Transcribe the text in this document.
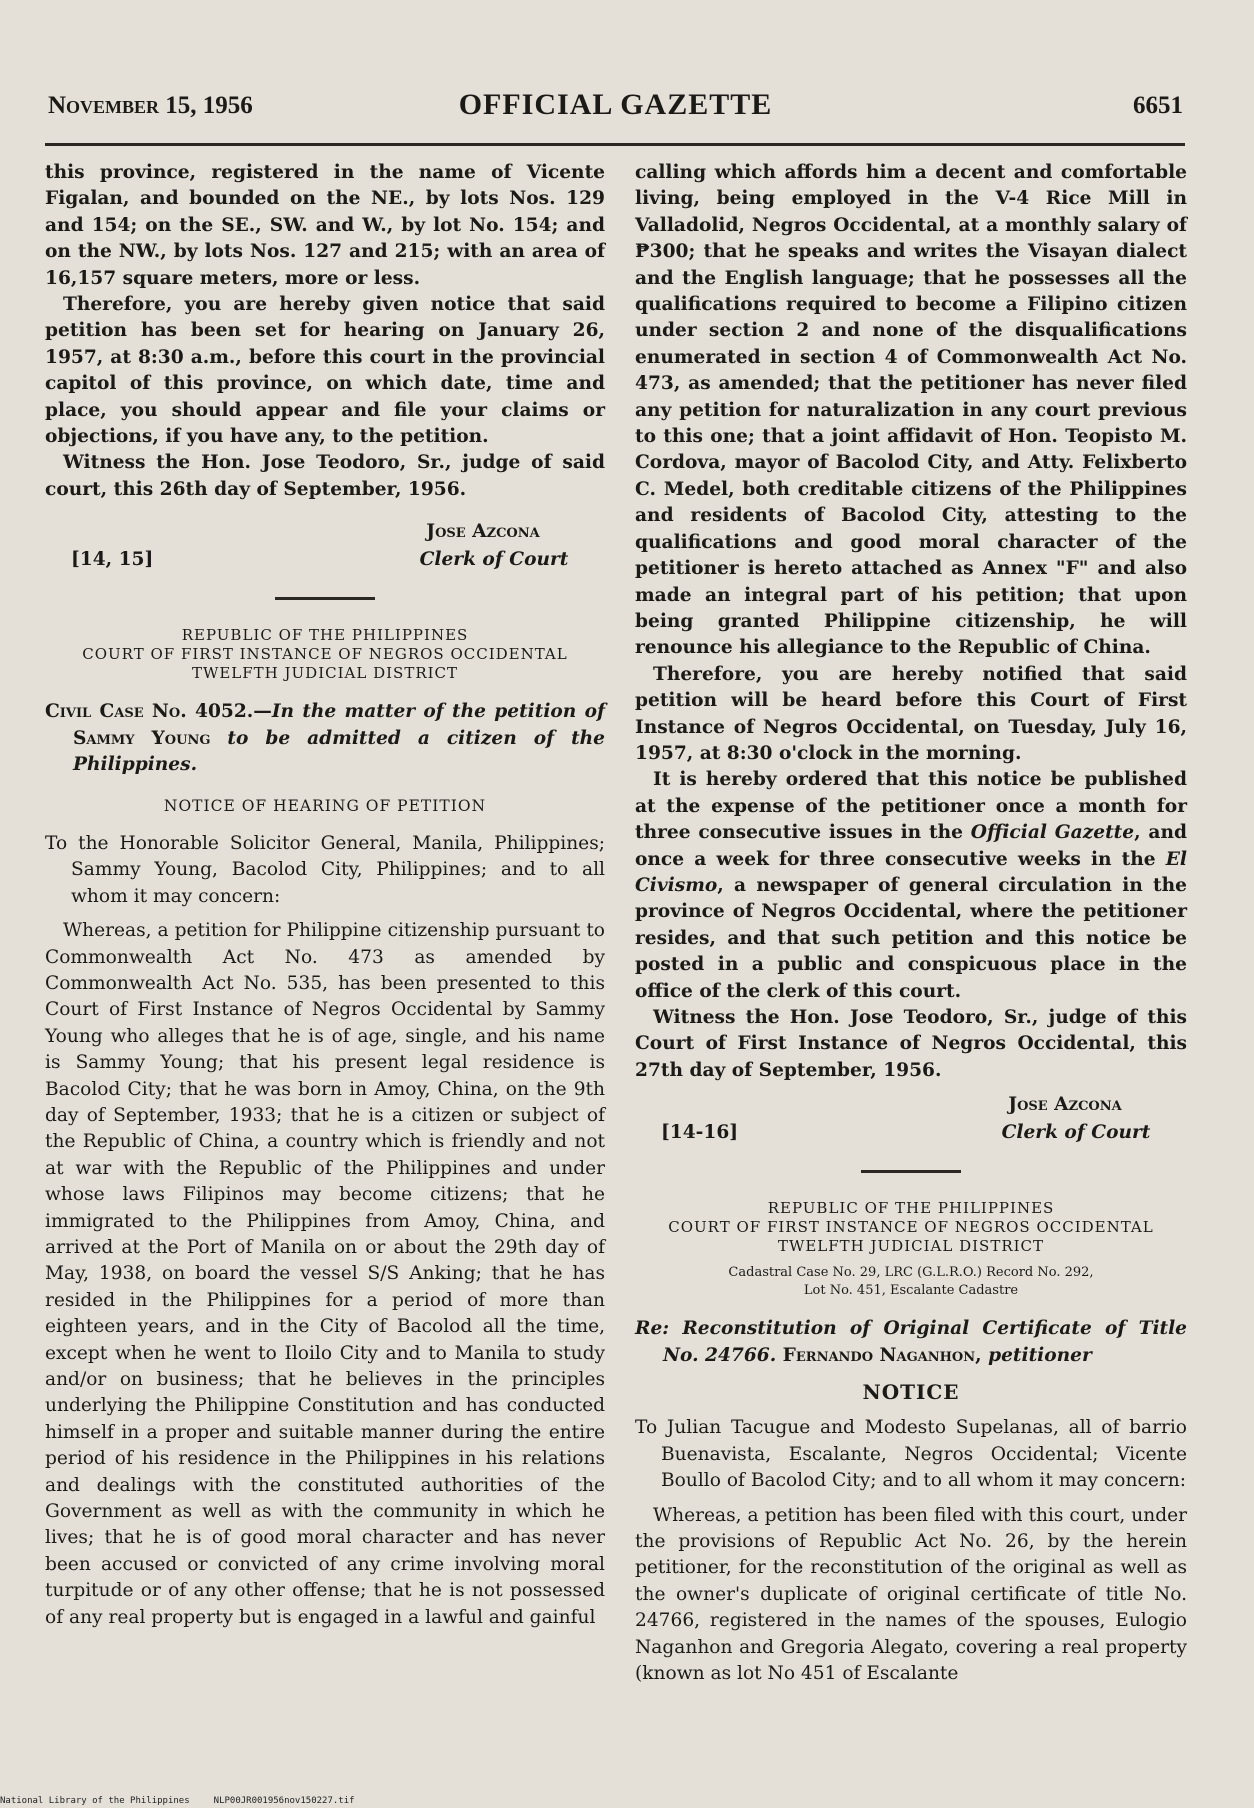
November 15, 1956	OFFICIAL GAZETTE	6651

this province, registered in the name of Vicente Figalan, and bounded on the NE., by lots Nos. 129 and 154; on the SE., SW. and W., by lot No. 154; and on the NW., by lots Nos. 127 and 215; with an area of 16,157 square meters, more or less.

Therefore, you are hereby given notice that said petition has been set for hearing on January 26, 1957, at 8:30 a.m., before this court in the provincial capitol of this province, on which date, time and place, you should appear and file your claims or objections, if you have any, to the petition.

Witness the Hon. Jose Teodoro, Sr., judge of said court, this 26th day of September, 1956.

Jose Azcona
[14, 15]	Clerk of Court

REPUBLIC OF THE PHILIPPINES

COURT OF FIRST INSTANCE OF NEGROS OCCIDENTAL

TWELFTH JUDICIAL DISTRICT

Civil Case No. 4052.—In the matter of the petition of Sammy Young to be admitted a citizen of the Philippines.

NOTICE OF HEARING OF PETITION

To the Honorable Solicitor General, Manila, Philippines; Sammy Young, Bacolod City, Philippines; and to all whom it may concern:

Whereas, a petition for Philippine citizenship pursuant to Commonwealth Act No. 473 as amended by Commonwealth Act No. 535, has been presented to this Court of First Instance of Negros Occidental by Sammy Young who alleges that he is of age, single, and his name is Sammy Young; that his present legal residence is Bacolod City; that he was born in Amoy, China, on the 9th day of September, 1933; that he is a citizen or subject of the Republic of China, a country which is friendly and not at war with the Republic of the Philippines and under whose laws Filipinos may become citizens; that he immigrated to the Philippines from Amoy, China, and arrived at the Port of Manila on or about the 29th day of May, 1938, on board the vessel S/S Anking; that he has resided in the Philippines for a period of more than eighteen years, and in the City of Bacolod all the time, except when he went to Iloilo City and to Manila to study and/or on business; that he believes in the principles underlying the Philippine Constitution and has conducted himself in a proper and suitable manner during the entire period of his residence in the Philippines in his relations and dealings with the constituted authorities of the Government as well as with the community in which he lives; that he is of good moral character and has never been accused or convicted of any crime involving moral turpitude or of any other offense; that he is not possessed of any real property but is engaged in a lawful and gainful

calling which affords him a decent and comfortable living, being employed in the V-4 Rice Mill in Valladolid, Negros Occidental, at a monthly salary of ₱300; that he speaks and writes the Visayan dialect and the English language; that he possesses all the qualifications required to become a Filipino citizen under section 2 and none of the disqualifications enumerated in section 4 of Commonwealth Act No. 473, as amended; that the petitioner has never filed any petition for naturalization in any court previous to this one; that a joint affidavit of Hon. Teopisto M. Cordova, mayor of Bacolod City, and Atty. Felixberto C. Medel, both creditable citizens of the Philippines and residents of Bacolod City, attesting to the qualifications and good moral character of the petitioner is hereto attached as Annex "F" and also made an integral part of his petition; that upon being granted Philippine citizenship, he will renounce his allegiance to the Republic of China.

Therefore, you are hereby notified that said petition will be heard before this Court of First Instance of Negros Occidental, on Tuesday, July 16, 1957, at 8:30 o'clock in the morning.

It is hereby ordered that this notice be published at the expense of the petitioner once a month for three consecutive issues in the Official Gazette, and once a week for three consecutive weeks in the El Civismo, a newspaper of general circulation in the province of Negros Occidental, where the petitioner resides, and that such petition and this notice be posted in a public and conspicuous place in the office of the clerk of this court.

Witness the Hon. Jose Teodoro, Sr., judge of this Court of First Instance of Negros Occidental, this 27th day of September, 1956.

Jose Azcona
[14-16]	Clerk of Court

REPUBLIC OF THE PHILIPPINES

COURT OF FIRST INSTANCE OF NEGROS OCCIDENTAL

TWELFTH JUDICIAL DISTRICT

Cadastral Case No. 29, LRC (G.L.R.O.) Record No. 292,

Lot No. 451, Escalante Cadastre

Re: Reconstitution of Original Certificate of Title No. 24766. Fernando Naganhon, petitioner

NOTICE

To Julian Tacugue and Modesto Supelanas, all of barrio Buenavista, Escalante, Negros Occidental; Vicente Boullo of Bacolod City; and to all whom it may concern:

Whereas, a petition has been filed with this court, under the provisions of Republic Act No. 26, by the herein petitioner, for the reconstitution of the original as well as the owner's duplicate of original certificate of title No. 24766, registered in the names of the spouses, Eulogio Naganhon and Gregoria Alegato, covering a real property (known as lot No 451 of Escalante

National Library of the Philippines	NLP00JR001956nov150227.tif
